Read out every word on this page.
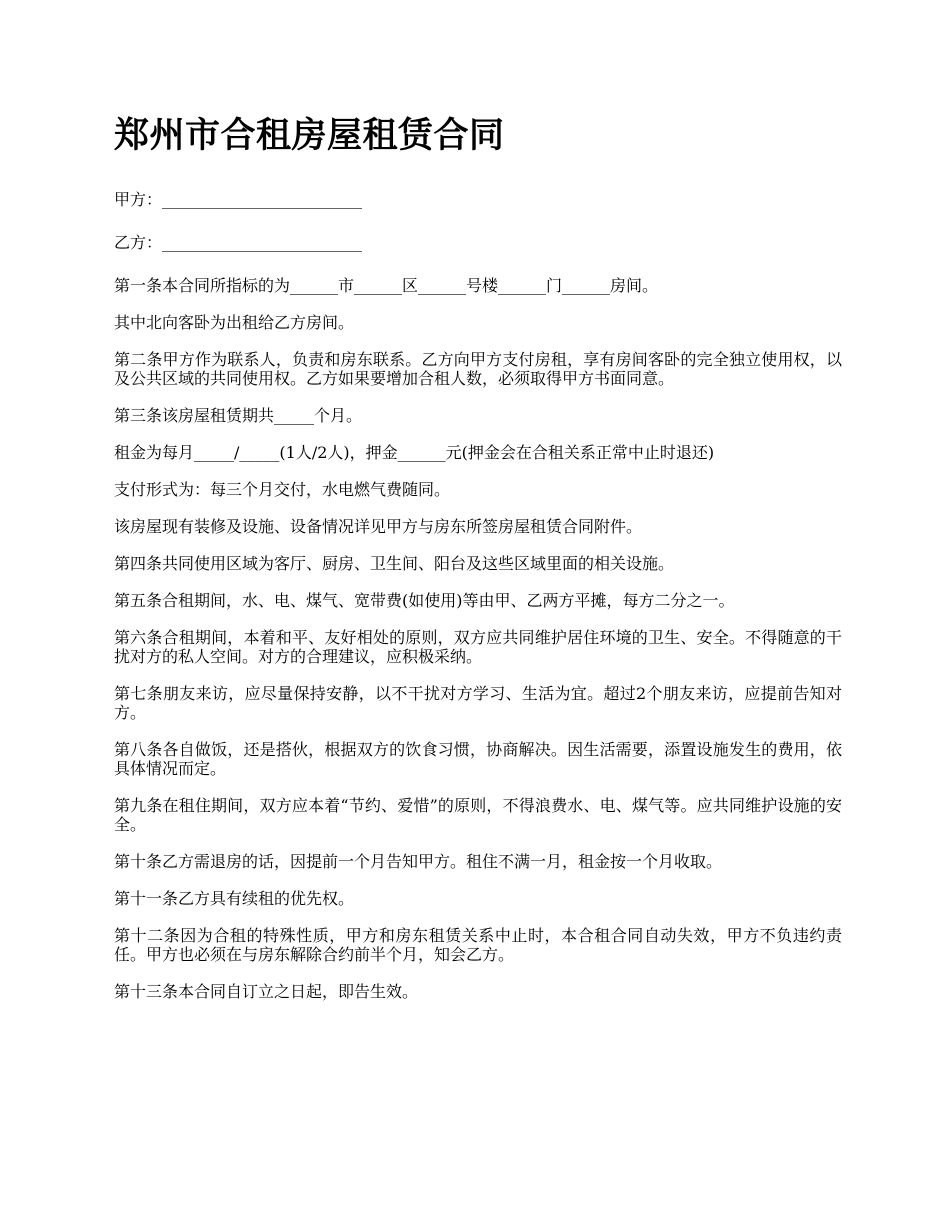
郑州市合租房屋租赁合同

甲方：_________________________

乙方：_________________________

第一条本合同所指标的为______市______区______号楼______门______房间。

其中北向客卧为出租给乙方房间。

第二条甲方作为联系人，负责和房东联系。乙方向甲方支付房租，享有房间客卧的完全独立使用权，以及公共区域的共同使用权。乙方如果要增加合租人数，必须取得甲方书面同意。

第三条该房屋租赁期共_____个月。

租金为每月_____/_____(1人/2人)，押金______元(押金会在合租关系正常中止时退还)

支付形式为：每三个月交付，水电燃气费随同。

该房屋现有装修及设施、设备情况详见甲方与房东所签房屋租赁合同附件。

第四条共同使用区域为客厅、厨房、卫生间、阳台及这些区域里面的相关设施。

第五条合租期间，水、电、煤气、宽带费(如使用)等由甲、乙两方平摊，每方二分之一。

第六条合租期间，本着和平、友好相处的原则，双方应共同维护居住环境的卫生、安全。不得随意的干扰对方的私人空间。对方的合理建议，应积极采纳。

第七条朋友来访，应尽量保持安静，以不干扰对方学习、生活为宜。超过2个朋友来访，应提前告知对方。

第八条各自做饭，还是搭伙，根据双方的饮食习惯，协商解决。因生活需要，添置设施发生的费用，依具体情况而定。

第九条在租住期间，双方应本着“节约、爱惜”的原则，不得浪费水、电、煤气等。应共同维护设施的安全。

第十条乙方需退房的话，因提前一个月告知甲方。租住不满一月，租金按一个月收取。

第十一条乙方具有续租的优先权。

第十二条因为合租的特殊性质，甲方和房东租赁关系中止时，本合租合同自动失效，甲方不负违约责任。甲方也必须在与房东解除合约前半个月，知会乙方。

第十三条本合同自订立之日起，即告生效。
